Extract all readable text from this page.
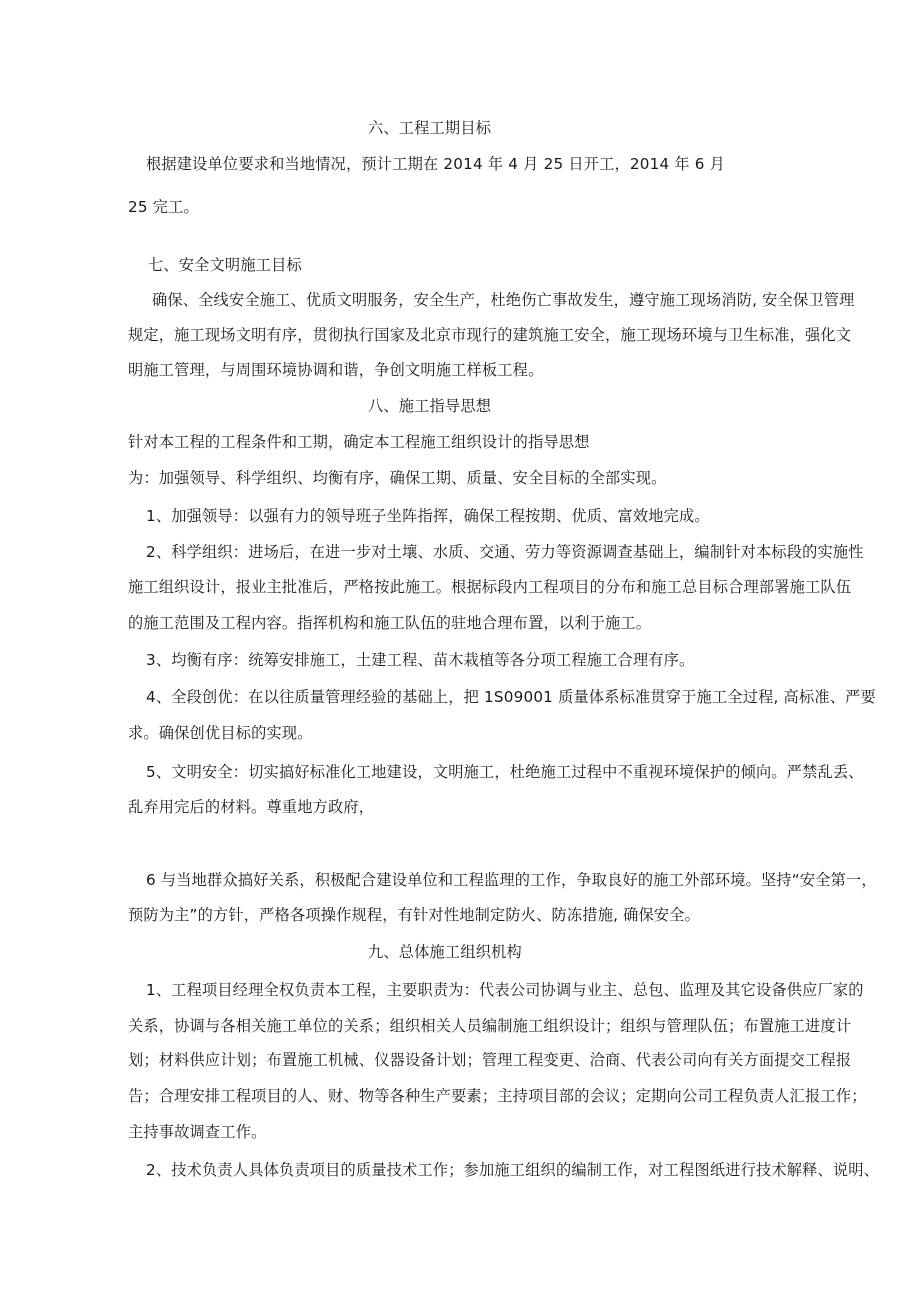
六、工程工期目标
根据建设单位要求和当地情况，预计工期在 2014 年 4 月 25 日开工，2014 年 6 月
25 完工。
七、安全文明施工目标
确保、全线安全施工、优质文明服务，安全生产，杜绝伤亡事故发生，遵守施工现场消防, 安全保卫管理
规定，施工现场文明有序，贯彻执行国家及北京市现行的建筑施工安全，施工现场环境与卫生标准，强化文
明施工管理，与周围环境协调和谐，争创文明施工样板工程。
八、施工指导思想
针对本工程的工程条件和工期，确定本工程施工组织设计的指导思想
为：加强领导、科学组织、均衡有序，确保工期、质量、安全目标的全部实现。
1、加强领导：以强有力的领导班子坐阵指挥，确保工程按期、优质、富效地完成。
2、科学组织：进场后，在进一步对土壤、水质、交通、劳力等资源调查基础上，编制针对本标段的实施性
施工组织设计，报业主批准后，严格按此施工。根据标段内工程项目的分布和施工总目标合理部署施工队伍
的施工范围及工程内容。指挥机构和施工队伍的驻地合理布置，以利于施工。
3、均衡有序：统筹安排施工，土建工程、苗木栽植等各分项工程施工合理有序。
4、全段创优：在以往质量管理经验的基础上，把 1S09001 质量体系标准贯穿于施工全过程, 高标准、严要
求。确保创优目标的实现。
5、文明安全：切实搞好标准化工地建设，文明施工，杜绝施工过程中不重视环境保护的倾向。严禁乱丢、
乱弃用完后的材料。尊重地方政府，
6 与当地群众搞好关系，积极配合建设单位和工程监理的工作，争取良好的施工外部环境。坚持“安全第一，
预防为主”的方针，严格各项操作规程，有针对性地制定防火、防冻措施, 确保安全。
九、总体施工组织机构
1、工程项目经理全权负责本工程，主要职责为：代表公司协调与业主、总包、监理及其它设备供应厂家的
关系，协调与各相关施工单位的关系；组织相关人员编制施工组织设计；组织与管理队伍；布置施工进度计
划；材料供应计划；布置施工机械、仪器设备计划；管理工程变更、洽商、代表公司向有关方面提交工程报
告；合理安排工程项目的人、财、物等各种生产要素；主持项目部的会议；定期向公司工程负责人汇报工作；
主持事故调查工作。
2、技术负责人具体负责项目的质量技术工作；参加施工组织的编制工作，对工程图纸进行技术解释、说明、
